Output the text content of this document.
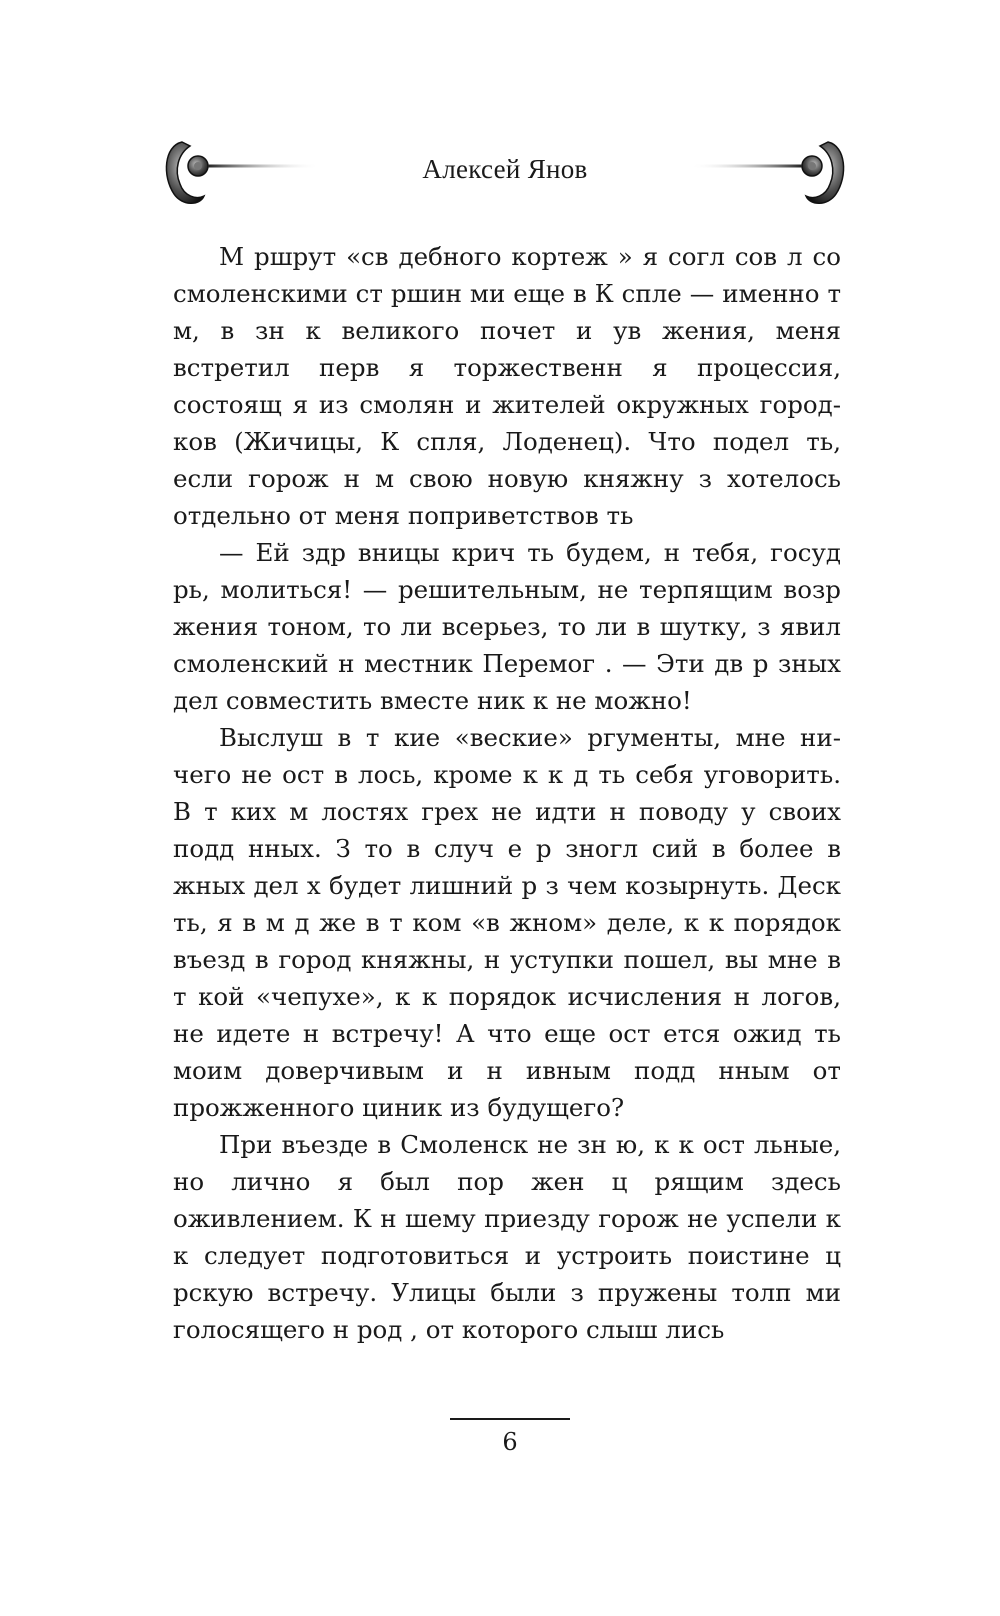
Алексей Янов

М ршрут «св дебного кортеж » я согл сов л со смоленскими ст ршин ми еще в К спле — именно т м, в зн к великого почет и ув жения, меня встретил перв я торжественн я процессия, состоящ я из смолян и жителей окружных городков (Жичицы, К спля, Лоденец). Что подел ть, если горож н м свою новую княжну з хотелось отдельно от меня поприветствов ть

— Ей здр вницы крич ть будем, н тебя, госуд рь, молиться! — решительным, не терпящим возр жения тоном, то ли всерьез, то ли в шутку, з явил смоленский н местник Перемог . — Эти дв р зных дел совместить вместе ник к не можно!

Выслуш в т кие «веские» ргументы, мне ничего не ост в лось, кроме к к д ть себя уговорить. В т ких м лостях грех не идти н поводу у своих подд нных. З то в случ е р зногл сий в более в жных дел х будет лишний р з чем козырнуть. Деск ть, я в м д же в т ком «в жном» деле, к к порядок въезд в город княжны, н уступки пошел, вы мне в т кой «чепухе», к к порядок исчисления н логов, не идете н встречу! А что еще ост ется ожид ть моим доверчивым и н ивным подд нным от прожженного циник из будущего?

При въезде в Смоленск не зн ю, к к ост льные, но лично я был пор жен ц рящим здесь оживлением. К н шему приезду горож не успели к к следует подготовиться и устроить поистине ц рскую встречу. Улицы были з пружены толп ми голосящего н род , от которого слыш лись

6
